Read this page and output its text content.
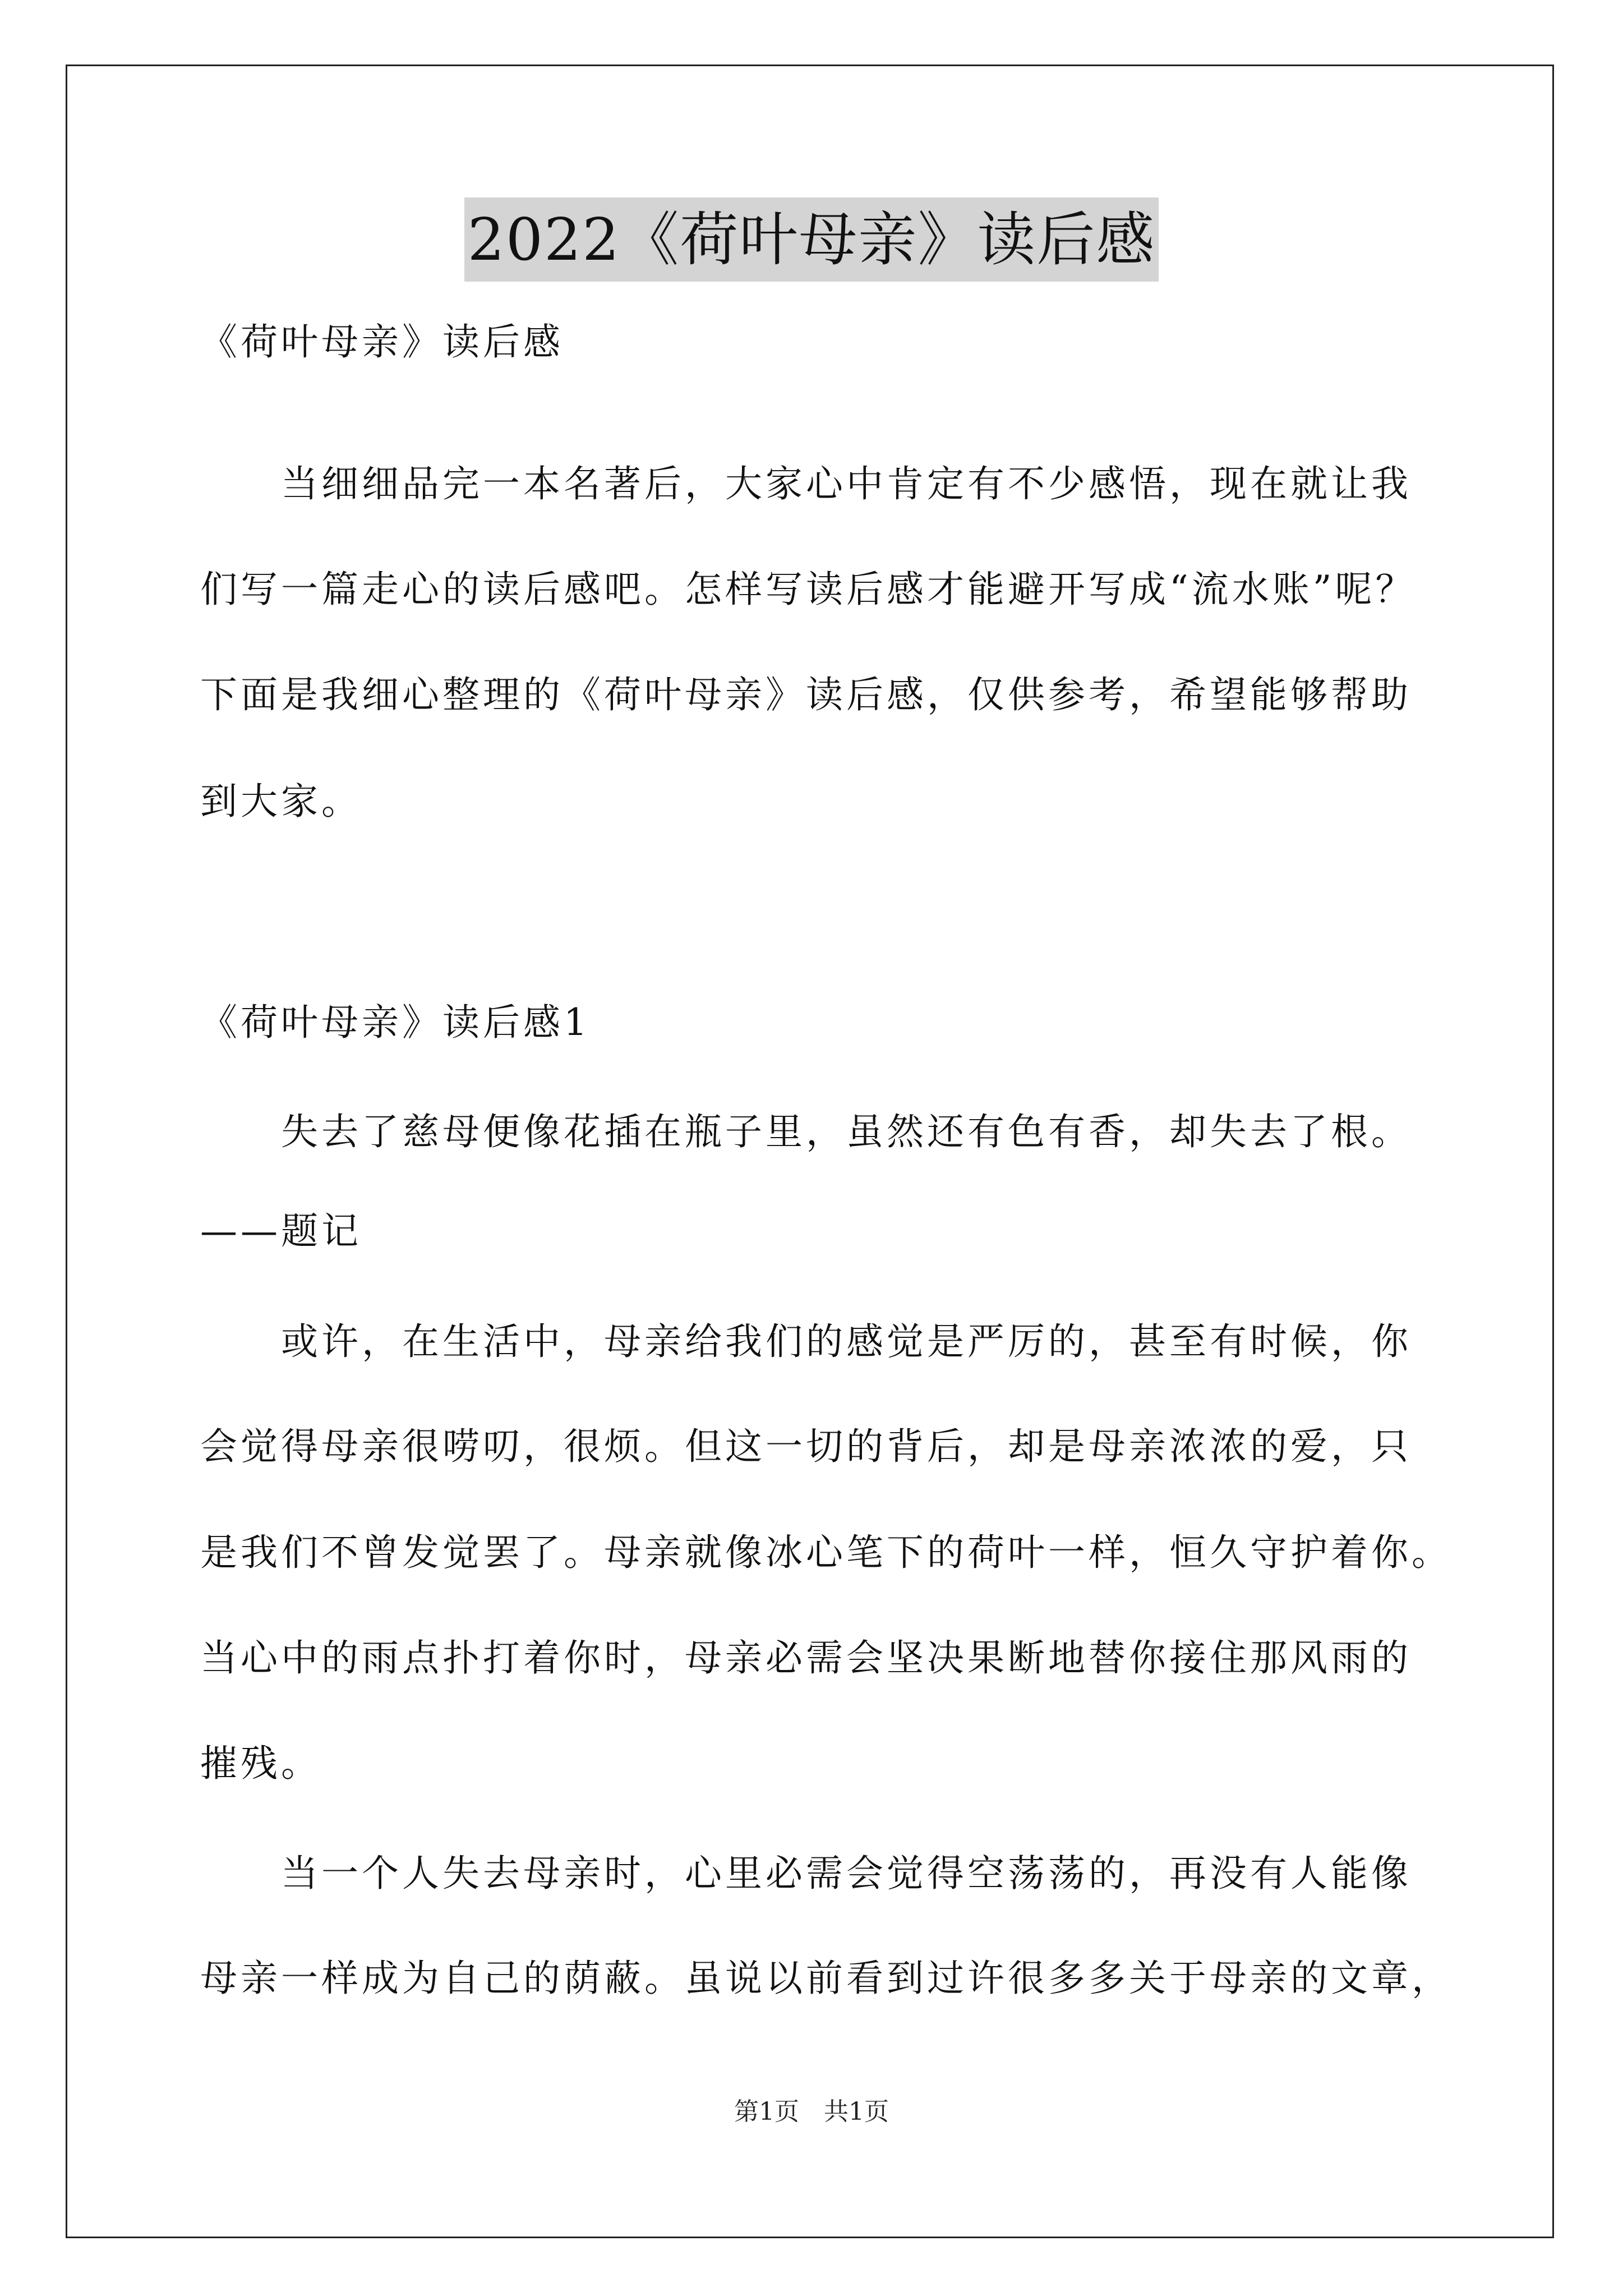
2022《荷叶母亲》读后感
《荷叶母亲》读后感
　　当细细品完一本名著后，大家心中肯定有不少感悟，现在就让我
们写一篇走心的读后感吧。怎样写读后感才能避开写成“流水账”呢？
下面是我细心整理的《荷叶母亲》读后感，仅供参考，希望能够帮助
到大家。
《荷叶母亲》读后感1
　　失去了慈母便像花插在瓶子里，虽然还有色有香，却失去了根。
——题记
　　或许，在生活中，母亲给我们的感觉是严厉的，甚至有时候，你
会觉得母亲很唠叨，很烦。但这一切的背后，却是母亲浓浓的爱，只
是我们不曾发觉罢了。母亲就像冰心笔下的荷叶一样，恒久守护着你。
当心中的雨点扑打着你时，母亲必需会坚决果断地替你接住那风雨的
摧残。
　　当一个人失去母亲时，心里必需会觉得空荡荡的，再没有人能像
母亲一样成为自己的荫蔽。虽说以前看到过许很多多关于母亲的文章，
第1页　共1页
